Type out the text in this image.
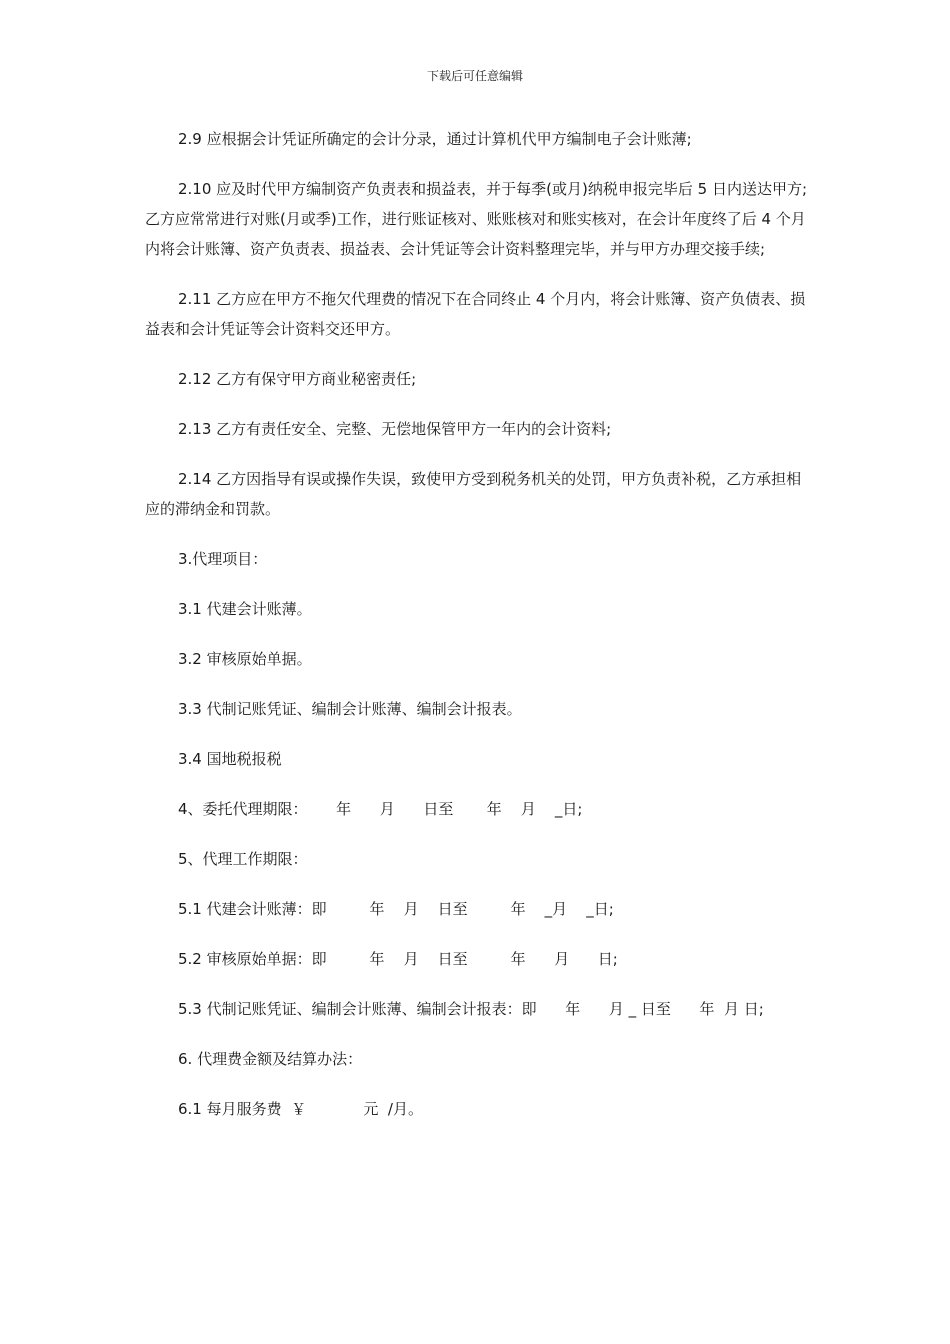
下载后可任意编辑

2.9 应根据会计凭证所确定的会计分录，通过计算机代甲方编制电子会计账薄;

2.10 应及时代甲方编制资产负责表和损益表，并于每季(或月)纳税申报完毕后 5 日内送达甲方;乙方应常常进行对账(月或季)工作，进行账证核对、账账核对和账实核对，在会计年度终了后 4 个月内将会计账簿、资产负责表、损益表、会计凭证等会计资料整理完毕，并与甲方办理交接手续;

2.11 乙方应在甲方不拖欠代理费的情况下在合同终止 4 个月内，将会计账簿、资产负债表、损益表和会计凭证等会计资料交还甲方。

2.12 乙方有保守甲方商业秘密责任;

2.13 乙方有责任安全、完整、无偿地保管甲方一年内的会计资料;

2.14 乙方因指导有误或操作失误，致使甲方受到税务机关的处罚，甲方负责补税，乙方承担相应的滞纳金和罚款。

3.代理项目：

3.1 代建会计账薄。

3.2 审核原始单据。

3.3 代制记账凭证、编制会计账薄、编制会计报表。

3.4 国地税报税

4、委托代理期限：      年      月      日至       年    月    _日;

5、代理工作期限：

5.1 代建会计账薄：即         年    月    日至         年    _月    _日;

5.2 审核原始单据：即         年    月    日至         年      月      日;

5.3 代制记账凭证、编制会计账薄、编制会计报表：即      年      月 _ 日至      年  月 日;

6. 代理费金额及结算办法：

6.1 每月服务费  ￥            元  /月。
